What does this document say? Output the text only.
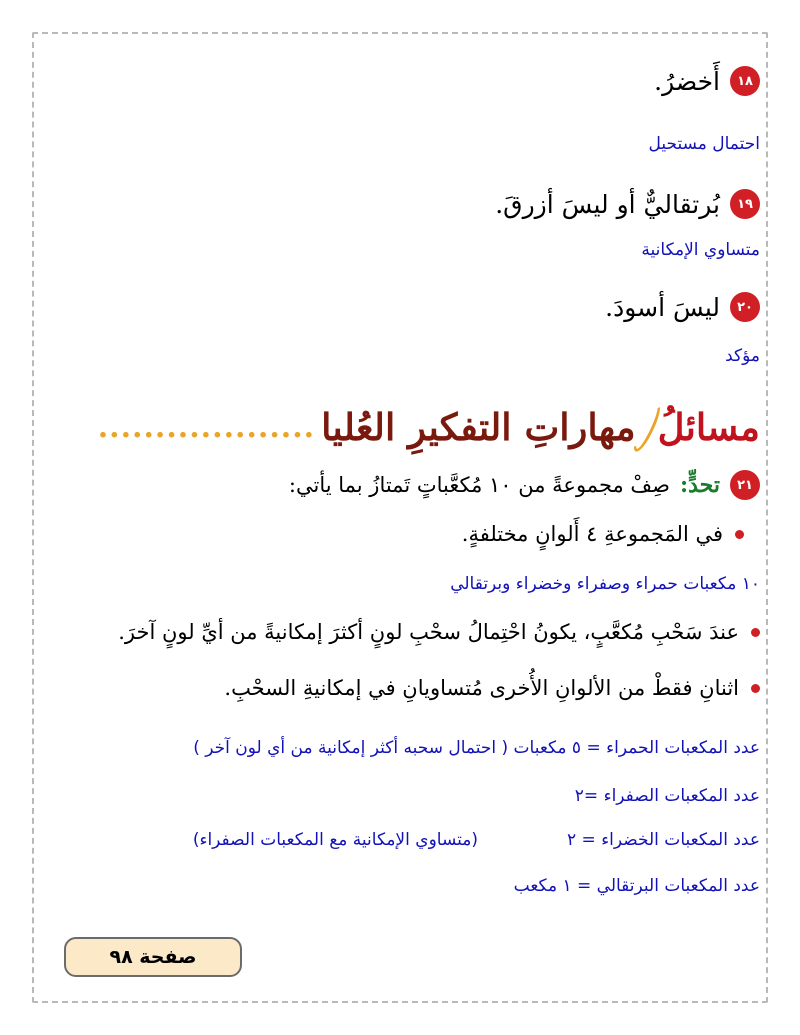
١٨
أَخضرُ.
احتمال مستحيل
١٩
بُرتقاليٌّ أو ليسَ أزرقَ.
متساوي الإمكانية
٢٠
ليسَ أسودَ.
مؤكد
مسائلُ
مهاراتِ التفكيرِ العُليا
...................
٢١
تحدٍّ:
صِفْ مجموعةً من ١٠ مُكعَّباتٍ تَمتازُ بما يأتي:
في المَجموعةِ ٤ أَلوانٍ مختلفةٍ.
١٠ مكعبات حمراء وصفراء وخضراء وبرتقالي
عندَ سَحْبِ مُكعَّبٍ، يكونُ احْتِمالُ سحْبِ لونٍ أكثرَ إمكانيةً من أيِّ لونٍ آخرَ.
اثنانِ فقطْ من الألوانِ الأُخرى مُتساويانِ في إمكانيةِ السحْبِ.
عدد المكعبات الحمراء = ٥ مكعبات ( احتمال سحبه أكثر إمكانية من أي لون آخر )
عدد المكعبات الصفراء =٢
عدد المكعبات الخضراء = ٢
(متساوي الإمكانية مع المكعبات الصفراء)
عدد المكعبات البرتقالي = ١ مكعب
صفحة ٩٨
